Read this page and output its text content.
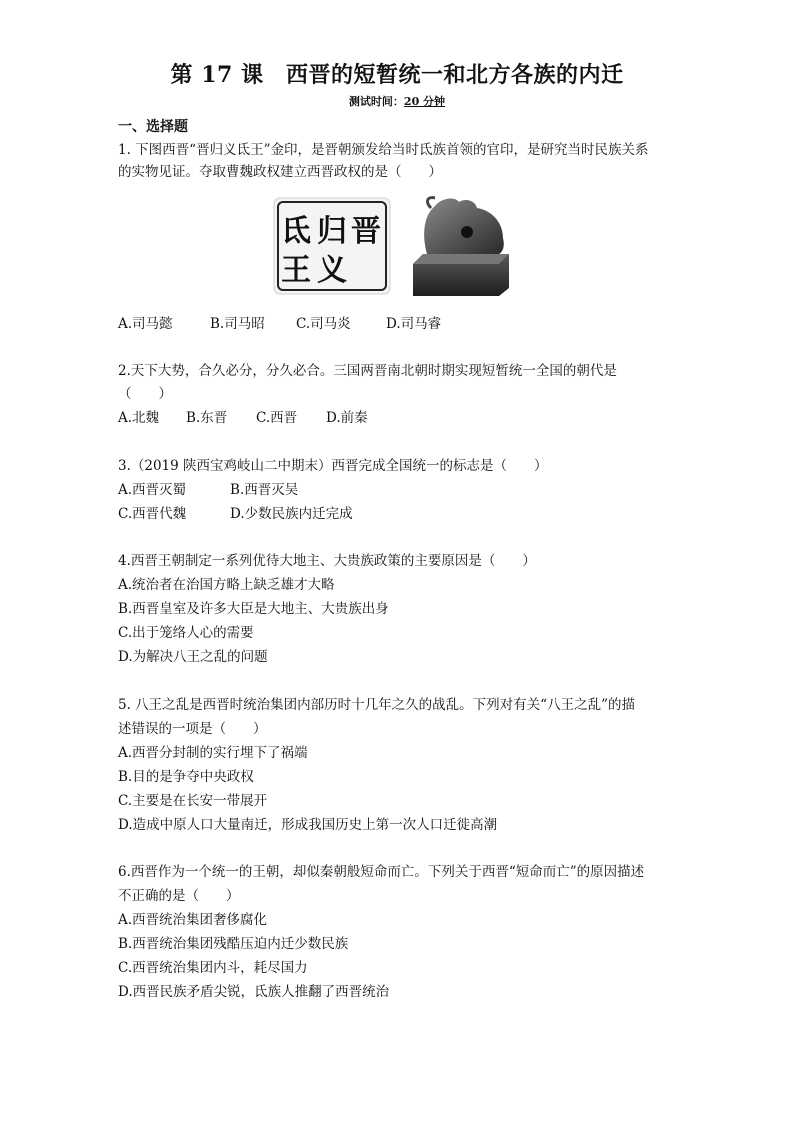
第 17 课　西晋的短暂统一和北方各族的内迁
测试时间：20 分钟
一、选择题
1. 下图西晋“晋归义氐王”金印，是晋朝颁发给当时氐族首领的官印，是研究当时民族关系
的实物见证。夺取曹魏政权建立西晋政权的是（　　）
晋
归
义
氐
王
A.司马懿	B.司马昭 C.司马炎	D.司马睿
2.天下大势，合久必分，分久必合。三国两晋南北朝时期实现短暂统一全国的朝代是
（　　）
A.北魏 B.东晋 C.西晋 D.前秦
3.（2019 陕西宝鸡岐山二中期末）西晋完成全国统一的标志是（　　）
A.西晋灭蜀	B.西晋灭吴
C.西晋代魏	D.少数民族内迁完成
4.西晋王朝制定一系列优待大地主、大贵族政策的主要原因是（　　）
A.统治者在治国方略上缺乏雄才大略
B.西晋皇室及许多大臣是大地主、大贵族出身
C.出于笼络人心的需要
D.为解决八王之乱的问题
5. 八王之乱是西晋时统治集团内部历时十几年之久的战乱。下列对有关“八王之乱”的描
述错误的一项是（　　）
A.西晋分封制的实行埋下了祸端
B.目的是争夺中央政权
C.主要是在长安一带展开
D.造成中原人口大量南迁，形成我国历史上第一次人口迁徙高潮
6.西晋作为一个统一的王朝，却似秦朝般短命而亡。下列关于西晋“短命而亡”的原因描述
不正确的是（　　）
A.西晋统治集团奢侈腐化
B.西晋统治集团残酷压迫内迁少数民族
C.西晋统治集团内斗，耗尽国力
D.西晋民族矛盾尖锐，氐族人推翻了西晋统治
